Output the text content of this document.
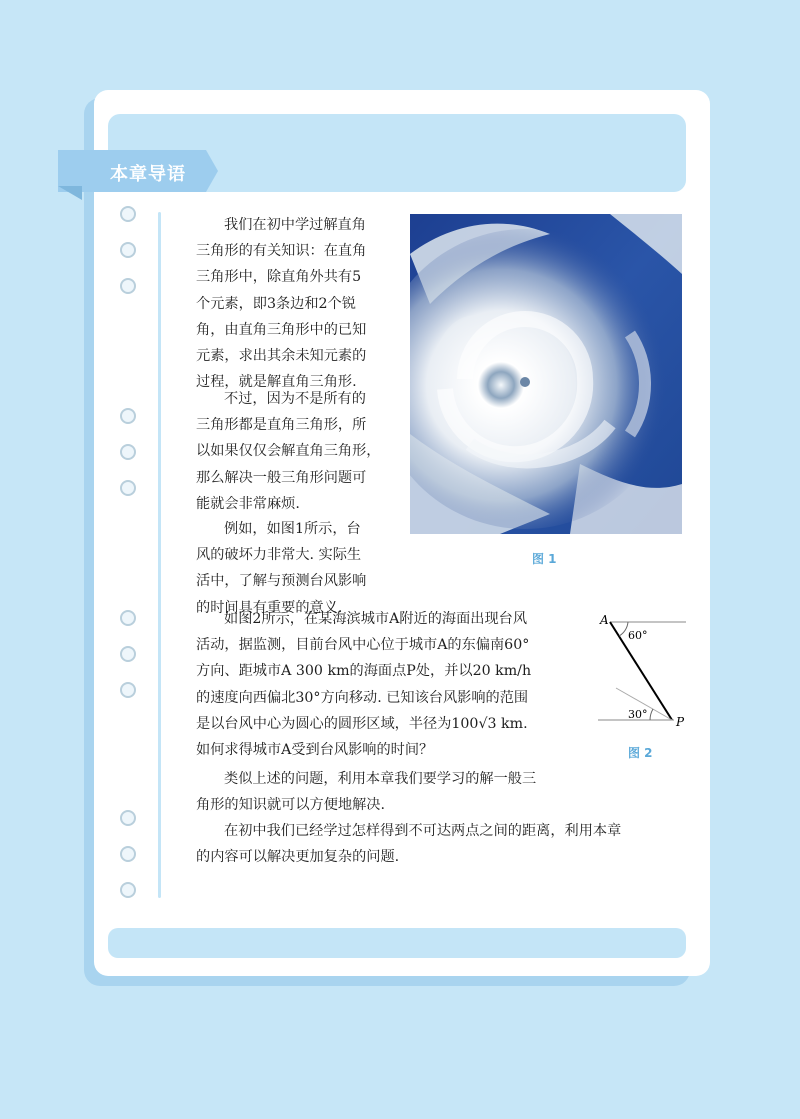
本章导语
我们在初中学过解直角
三角形的有关知识：在直角
三角形中，除直角外共有5
个元素，即3条边和2个锐
角，由直角三角形中的已知
元素，求出其余未知元素的
过程，就是解直角三角形.
不过，因为不是所有的
三角形都是直角三角形，所
以如果仅仅会解直角三角形，
那么解决一般三角形问题可
能就会非常麻烦.
例如，如图1所示，台
风的破坏力非常大. 实际生
活中，了解与预测台风影响
的时间具有重要的意义.
图 1
如图2所示，在某海滨城市A附近的海面出现台风
活动，据监测，目前台风中心位于城市A的东偏南60°
方向、距城市A 300 km的海面点P处，并以20 km/h
的速度向西偏北30°方向移动. 已知该台风影响的范围
是以台风中心为圆心的圆形区域，半径为100√3 km.
如何求得城市A受到台风影响的时间？
A
P
60°
30°
图 2
类似上述的问题，利用本章我们要学习的解一般三
角形的知识就可以方便地解决.
在初中我们已经学过怎样得到不可达两点之间的距离，利用本章
的内容可以解决更加复杂的问题.
